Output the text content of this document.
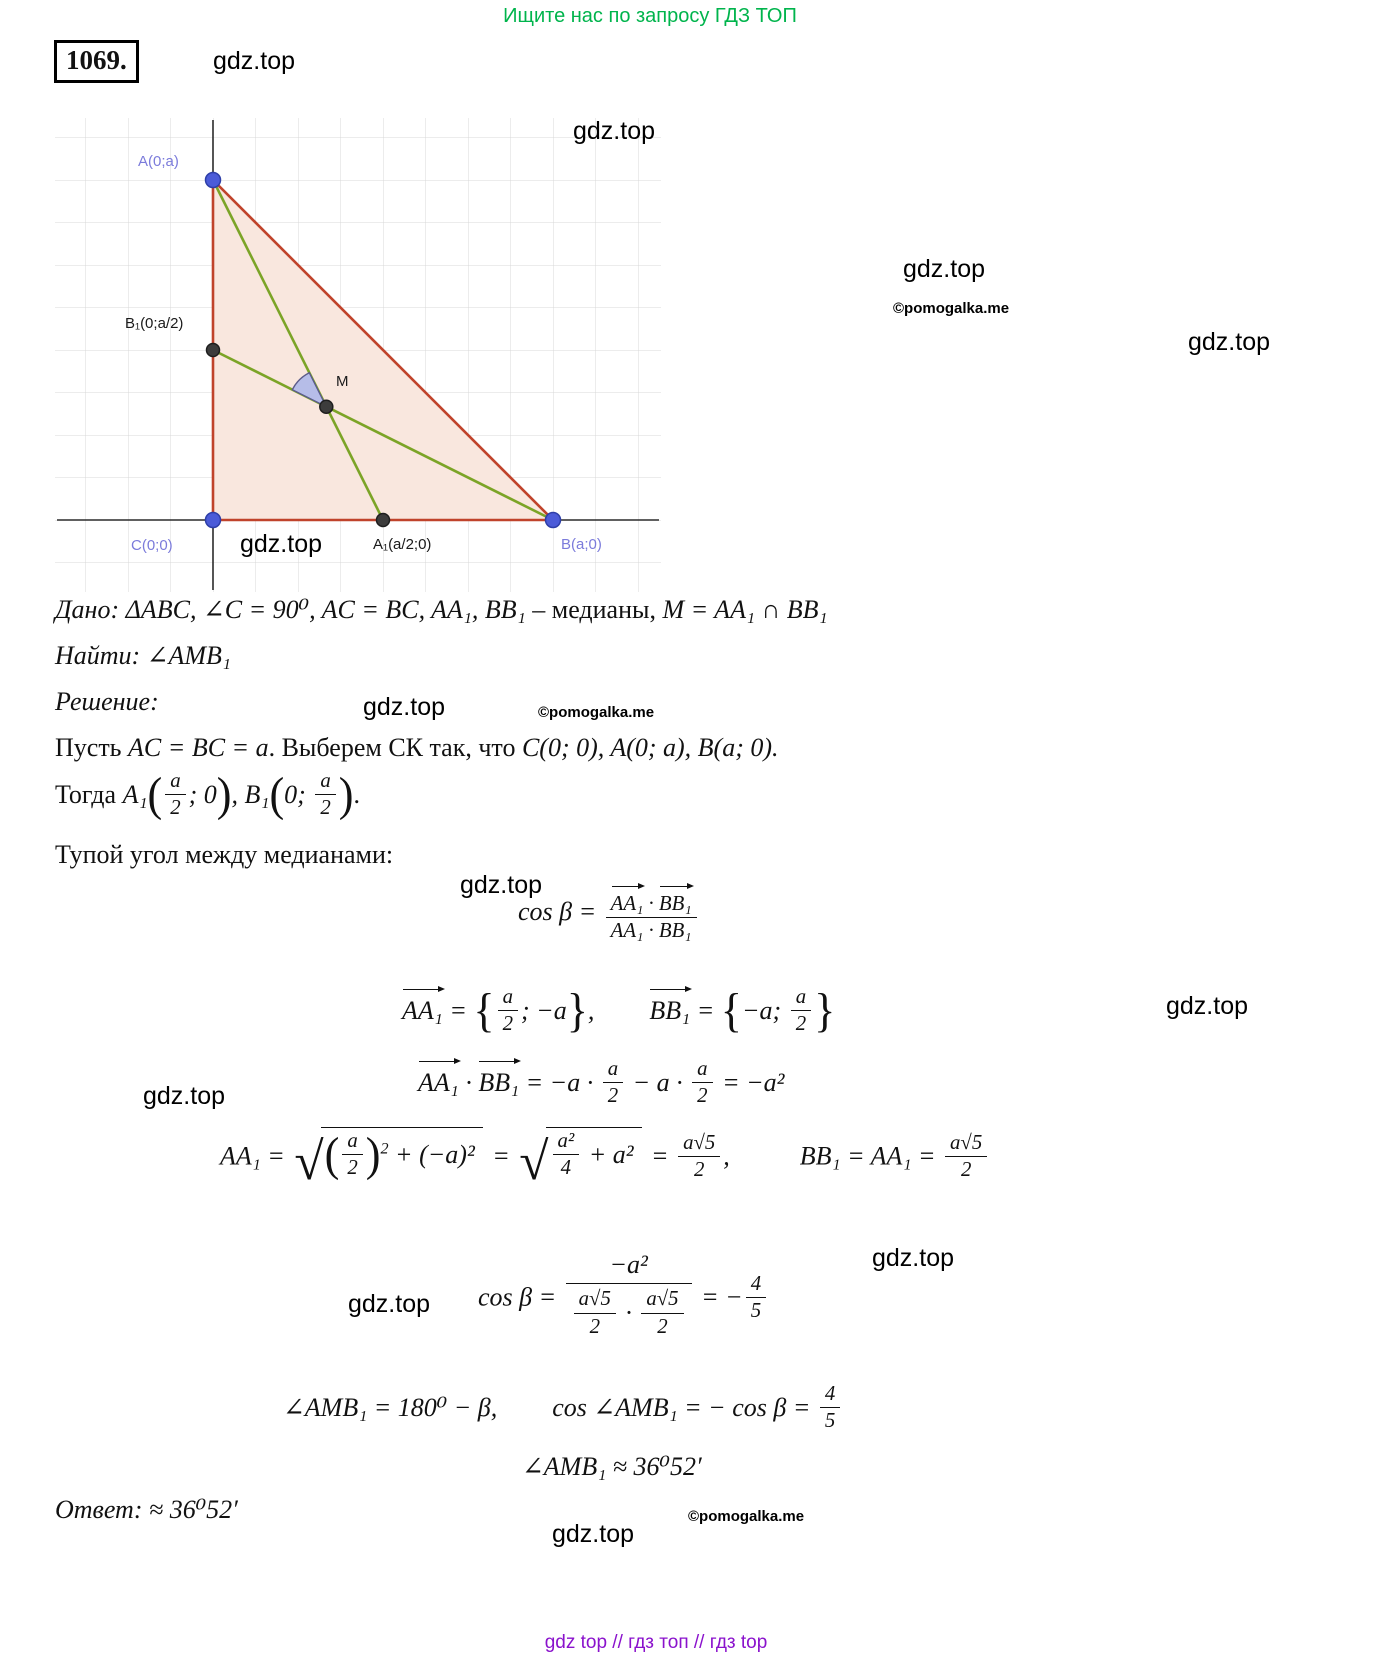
Ищите нас по запросу ГДЗ ТОП
1069.
A(0;a)
B₁(0;a/2)
M
C(0;0)	A₁(a/2;0)	B(a;0)
gdz.top
gdz.top
gdz.top
©pomogalka.me
gdz.top
gdz.top
gdz.top	©pomogalka.me
gdz.top
gdz.top
gdz.top
gdz.top
gdz.top
©pomogalka.me
gdz.top
Дано: ΔABC, ∠C = 90⁰, AC = BC, AA₁, BB₁ – медианы, M = AA₁ ∩ BB₁
Найти: ∠AMB₁
Решение:
Пусть AC = BC = a. Выберем СК так, что C(0; 0), A(0; a), B(a; 0).
Тогда $A_1( \frac{a}{2}$ ; 0), B₁(0; $\frac{a}{2}$ ).
Тупой угол между медианами:
$\cos \beta = \frac{\text{AA₁ · BB₁}}{\text{AA₁ · BB₁}}$
AA₁ = { $\frac{a}{2}$ ; −a}, BB₁ = {−a; $\frac{a}{2}$ }
$AA_1 \cdot BB_1 = -a \cdot \frac{a}{2} - a \cdot \frac{a}{2} = -a^2$
AA₁ = √ ( $\frac{a}{2} )^2 + (-a)^2$ = √ $\frac{\text{a²}}{4} + a^2 = \frac{a√5}{2}$ ,	$BB_1 = AA_1 = \frac{a√5}{2}$
$\cos \beta = \frac{\text{−a²}}{\frac{a√5}{2} \cdot \frac{a√5}{2}}$ = − $\frac{4}{5}$
∠AMB₁ = 180⁰ − β, cos ∠AMB₁ = − $\cos \beta = \frac{4}{5}$
∠AMB₁ ≈ 36⁰52′
Ответ: ≈ 36⁰52′
gdz top // гдз топ // гдз top
